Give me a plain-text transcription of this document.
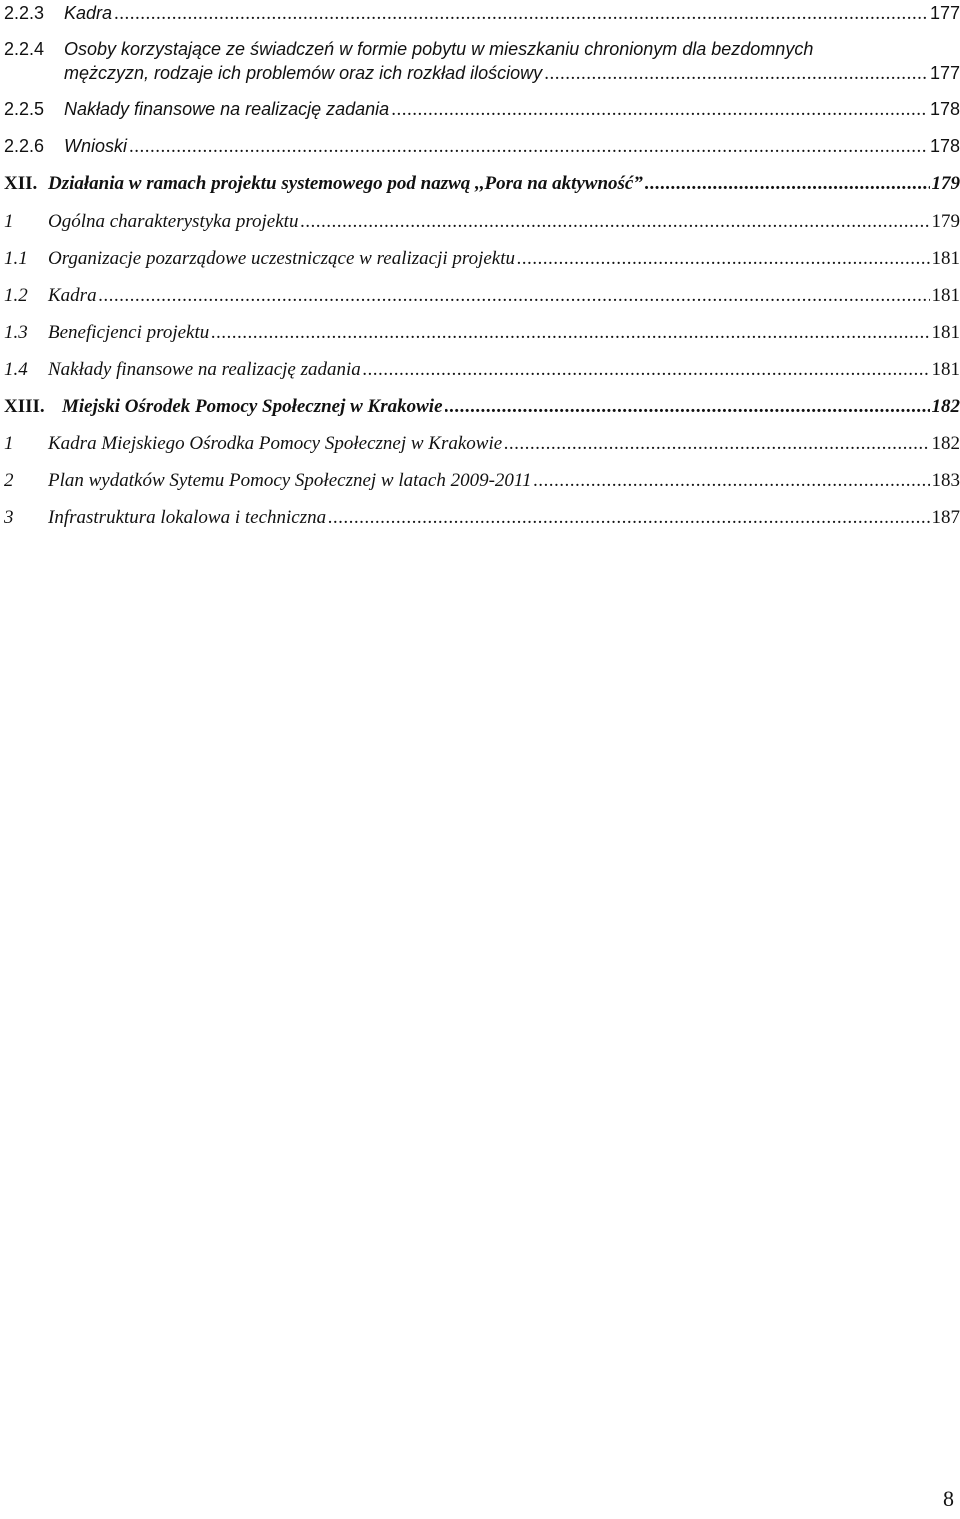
2.2.3	Kadra .....	177
2.2.4	Osoby korzystające ze świadczeń w formie pobytu w mieszkaniu chronionym dla bezdomnych
mężczyzn, rodzaje ich problemów oraz ich rozkład ilościowy .....	177
2.2.5	Nakłady finansowe na realizację zadania .....	178
2.2.6	Wnioski .....	178
XII. Działania w ramach projektu systemowego pod nazwą ,,Pora na aktywność” .....	179
1	Ogólna charakterystyka projektu .....	179
1.1	Organizacje pozarządowe uczestniczące w realizacji projektu .....	181
1.2	Kadra .....	181
1.3	Beneficjenci projektu .....	181
1.4	Nakłady finansowe na realizację zadania .....	181
XIII. Miejski Ośrodek Pomocy Społecznej w Krakowie .....	182
1	Kadra Miejskiego Ośrodka Pomocy Społecznej w Krakowie .....	182
2	Plan wydatków Sytemu Pomocy Społecznej w latach 2009-2011 .....	183
3	Infrastruktura lokalowa i techniczna .....	187
8
